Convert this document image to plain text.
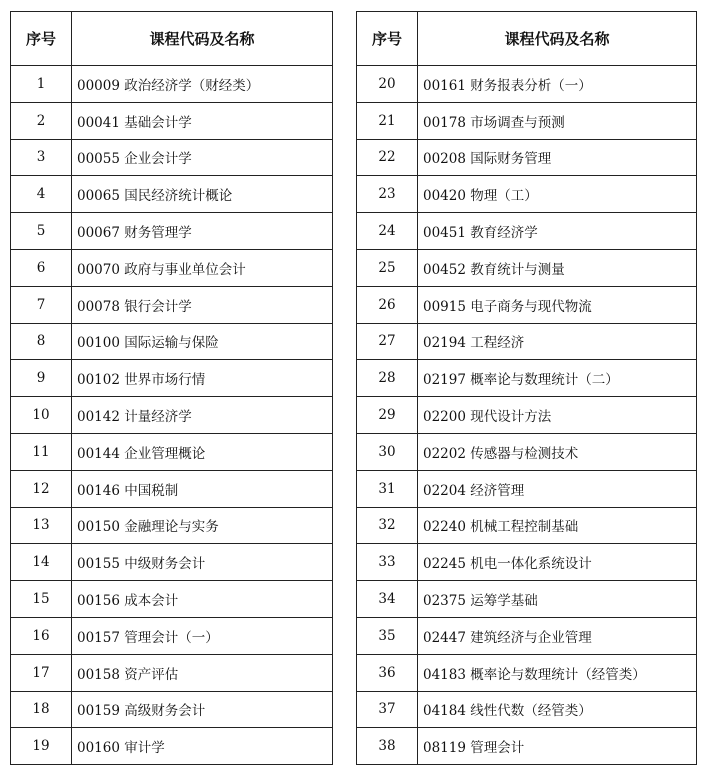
序号	课程代码及名称
1	00009 政治经济学（财经类）
2	00041 基础会计学
3	00055 企业会计学
4	00065 国民经济统计概论
5	00067 财务管理学
6	00070 政府与事业单位会计
7	00078 银行会计学
8	00100 国际运输与保险
9	00102 世界市场行情
10	00142 计量经济学
11	00144 企业管理概论
12	00146 中国税制
13	00150 金融理论与实务
14	00155 中级财务会计
15	00156 成本会计
16	00157 管理会计（一）
17	00158 资产评估
18	00159 高级财务会计
19	00160 审计学
序号	课程代码及名称
20	00161 财务报表分析（一）
21	00178 市场调查与预测
22	00208 国际财务管理
23	00420 物理（工）
24	00451 教育经济学
25	00452 教育统计与测量
26	00915 电子商务与现代物流
27	02194 工程经济
28	02197 概率论与数理统计（二）
29	02200 现代设计方法
30	02202 传感器与检测技术
31	02204 经济管理
32	02240 机械工程控制基础
33	02245 机电一体化系统设计
34	02375 运筹学基础
35	02447 建筑经济与企业管理
36	04183 概率论与数理统计（经管类）
37	04184 线性代数（经管类）
38	08119 管理会计
